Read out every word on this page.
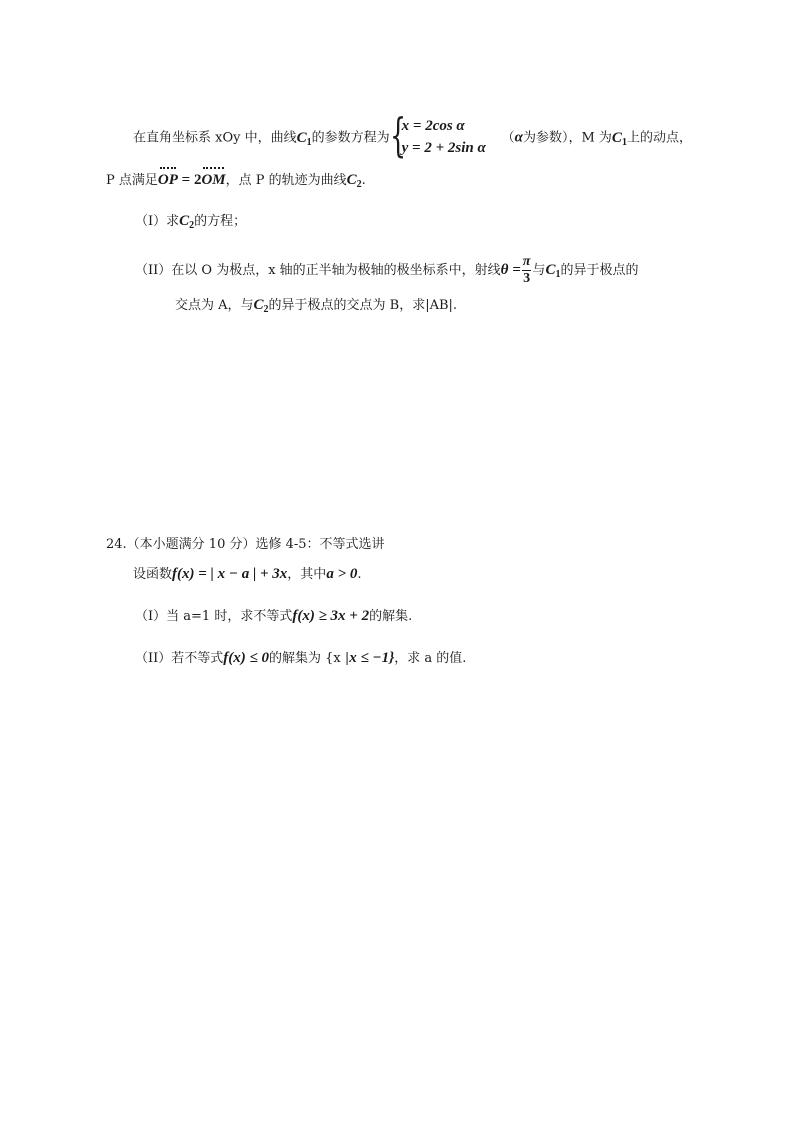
在直角坐标系 xOy 中，曲线$C_1$的参数方程为 {
x = 2cos α
y = 2 + 2sin α
（α为参数），M 为$C_1$上的动点，
P 点满足OP = 2OM，点 P 的轨迹为曲线$C_2$.
（I）求$C_2$的方程；
（II）在以 O 为极点，x 轴的正半轴为极轴的极坐标系中，射线$\theta = \frac{\pi}{3}$ 与$C_1$的异于极点的
交点为 A，与$C_2$的异于极点的交点为 B，求|AB|.
24.（本小题满分 10 分）选修 4-5：不等式选讲
设函数f(x) = | x − a | + 3x，其中a > 0.
（I）当 a=1 时，求不等式f(x) ≥ 3x + 2的解集.
（II）若不等式f(x) ≤ 0的解集为 {x |x ≤ −1}，求 a 的值.
